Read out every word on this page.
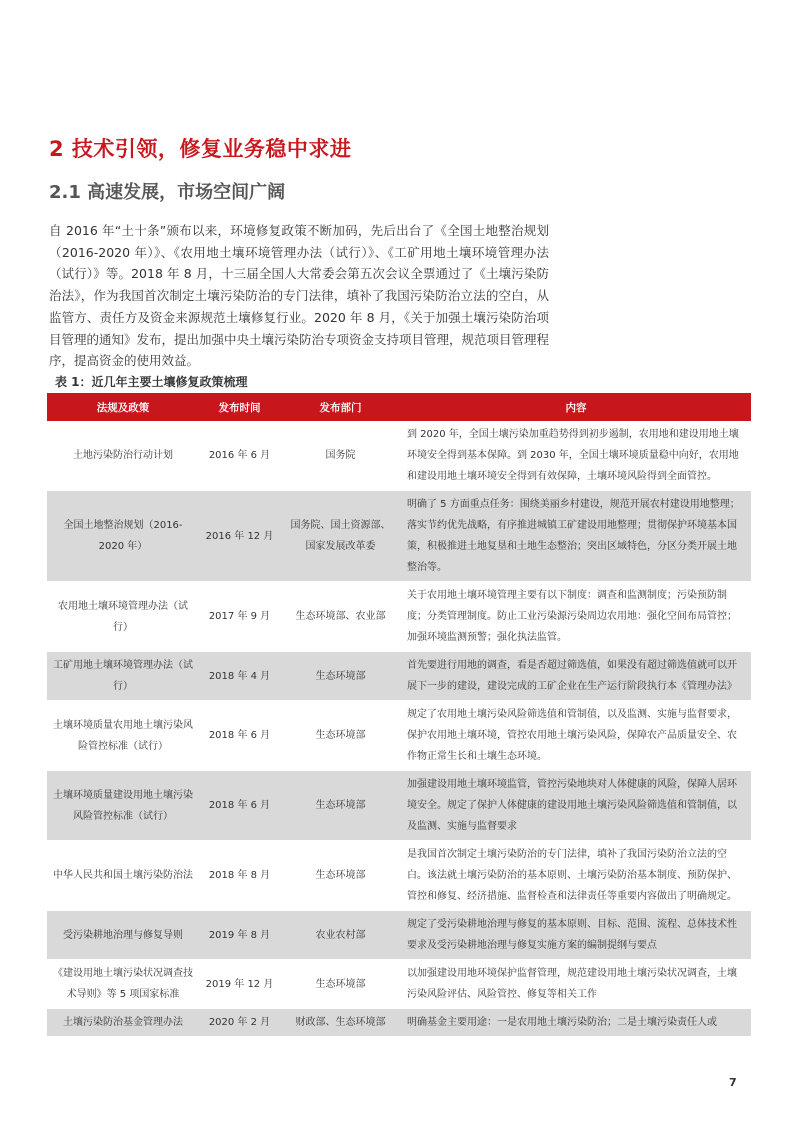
2 技术引领，修复业务稳中求进
2.1 高速发展，市场空间广阔

自 2016 年“土十条”颁布以来，环境修复政策不断加码，先后出台了《全国土地整治规划（2016-2020 年）》、《农用地土壤环境管理办法（试行）》、《工矿用地土壤环境管理办法（试行）》等。2018 年 8 月，十三届全国人大常委会第五次会议全票通过了《土壤污染防治法》，作为我国首次制定土壤污染防治的专门法律，填补了我国污染防治立法的空白，从监管方、责任方及资金来源规范土壤修复行业。2020 年 8 月，《关于加强土壤污染防治项目管理的通知》发布，提出加强中央土壤污染防治专项资金支持项目管理，规范项目管理程序，提高资金的使用效益。

表 1：近几年主要土壤修复政策梳理
法规及政策	发布时间	发布部门	内容
土地污染防治行动计划	2016 年 6 月	国务院	到 2020 年，全国土壤污染加重趋势得到初步遏制，农用地和建设用地土壤环境安全得到基本保障。到 2030 年，全国土壤环境质量稳中向好，农用地和建设用地土壤环境安全得到有效保障，土壤环境风险得到全面管控。
全国土地整治规划（2016-2020 年）	2016 年 12 月	国务院、国土资源部、国家发展改革委	明确了 5 方面重点任务：围绕美丽乡村建设，规范开展农村建设用地整理；落实节约优先战略，有序推进城镇工矿建设用地整理；贯彻保护环境基本国策，积极推进土地复垦和土地生态整治；突出区域特色，分区分类开展土地整治等。
农用地土壤环境管理办法（试行）	2017 年 9 月	生态环境部、农业部	关于农用地土壤环境管理主要有以下制度：调查和监测制度；污染预防制度；分类管理制度。防止工业污染源污染周边农用地：强化空间布局管控；加强环境监测预警；强化执法监管。
工矿用地土壤环境管理办法（试行）	2018 年 4 月	生态环境部	首先要进行用地的调查，看是否超过筛选值，如果没有超过筛选值就可以开展下一步的建设，建设完成的工矿企业在生产运行阶段执行本《管理办法》
土壤环境质量农用地土壤污染风险管控标准（试行）	2018 年 6 月	生态环境部	规定了农用地土壤污染风险筛选值和管制值，以及监测、实施与监督要求，保护农用地土壤环境，管控农用地土壤污染风险，保障农产品质量安全、农作物正常生长和土壤生态环境。
土壤环境质量建设用地土壤污染风险管控标准（试行）	2018 年 6 月	生态环境部	加强建设用地土壤环境监管，管控污染地块对人体健康的风险，保障人居环境安全。规定了保护人体健康的建设用地土壤污染风险筛选值和管制值，以及监测、实施与监督要求
中华人民共和国土壤污染防治法	2018 年 8 月	生态环境部	是我国首次制定土壤污染防治的专门法律，填补了我国污染防治立法的空白。该法就土壤污染防治的基本原则、土壤污染防治基本制度、预防保护、管控和修复、经济措施、监督检查和法律责任等重要内容做出了明确规定。
受污染耕地治理与修复导则	2019 年 8 月	农业农村部	规定了受污染耕地治理与修复的基本原则、目标、范围、流程、总体技术性要求及受污染耕地治理与修复实施方案的编制提纲与要点
《建设用地土壤污染状况调查技术导则》等 5 项国家标准	2019 年 12 月	生态环境部	以加强建设用地环境保护监督管理，规范建设用地土壤污染状况调查，土壤污染风险评估、风险管控、修复等相关工作
土壤污染防治基金管理办法	2020 年 2 月	财政部、生态环境部	明确基金主要用途：一是农用地土壤污染防治；二是土壤污染责任人或
7
